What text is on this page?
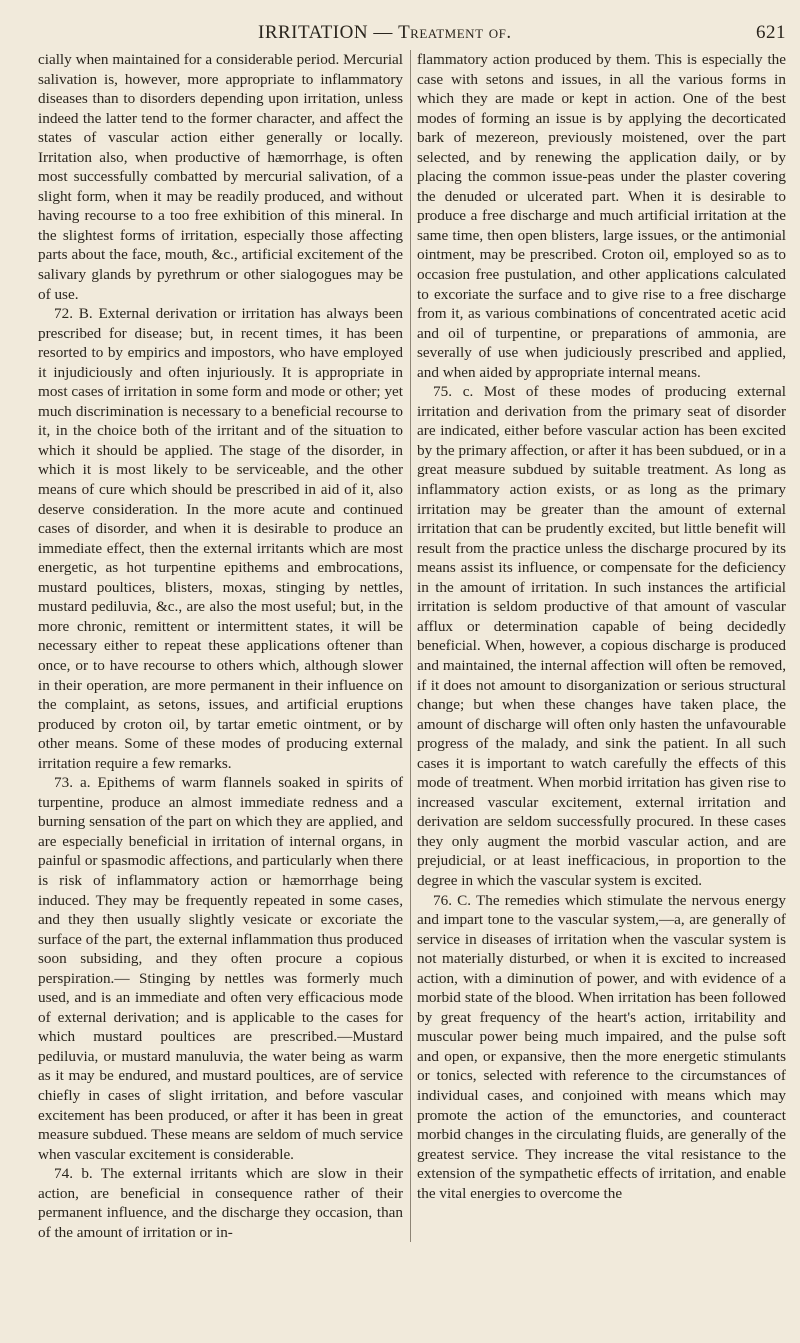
IRRITATION — Treatment of.	621

cially when maintained for a considerable period. Mercurial salivation is, however, more appropriate to inflammatory diseases than to disorders depending upon irritation, unless indeed the latter tend to the former character, and affect the states of vascular action either generally or locally. Irritation also, when productive of hæmorrhage, is often most successfully combatted by mercurial salivation, of a slight form, when it may be readily produced, and without having recourse to a too free exhibition of this mineral. In the slightest forms of irritation, especially those affecting parts about the face, mouth, &c., artificial excitement of the salivary glands by pyrethrum or other sialogogues may be of use.

72. B. External derivation or irritation has always been prescribed for disease; but, in recent times, it has been resorted to by empirics and impostors, who have employed it injudiciously and often injuriously. It is appropriate in most cases of irritation in some form and mode or other; yet much discrimination is necessary to a beneficial recourse to it, in the choice both of the irritant and of the situation to which it should be applied. The stage of the disorder, in which it is most likely to be serviceable, and the other means of cure which should be prescribed in aid of it, also deserve consideration. In the more acute and continued cases of disorder, and when it is desirable to produce an immediate effect, then the external irritants which are most energetic, as hot turpentine epithems and embrocations, mustard poultices, blisters, moxas, stinging by nettles, mustard pediluvia, &c., are also the most useful; but, in the more chronic, remittent or intermittent states, it will be necessary either to repeat these applications oftener than once, or to have recourse to others which, although slower in their operation, are more permanent in their influence on the complaint, as setons, issues, and artificial eruptions produced by croton oil, by tartar emetic ointment, or by other means. Some of these modes of producing external irritation require a few remarks.

73. a. Epithems of warm flannels soaked in spirits of turpentine, produce an almost immediate redness and a burning sensation of the part on which they are applied, and are especially beneficial in irritation of internal organs, in painful or spasmodic affections, and particularly when there is risk of inflammatory action or hæmorrhage being induced. They may be frequently repeated in some cases, and they then usually slightly vesicate or excoriate the surface of the part, the external inflammation thus produced soon subsiding, and they often procure a copious perspiration.— Stinging by nettles was formerly much used, and is an immediate and often very efficacious mode of external derivation; and is applicable to the cases for which mustard poultices are prescribed.—Mustard pediluvia, or mustard manuluvia, the water being as warm as it may be endured, and mustard poultices, are of service chiefly in cases of slight irritation, and before vascular excitement has been produced, or after it has been in great measure subdued. These means are seldom of much service when vascular excitement is considerable.

74. b. The external irritants which are slow in their action, are beneficial in consequence rather of their permanent influence, and the discharge they occasion, than of the amount of irritation or in-

flammatory action produced by them. This is especially the case with setons and issues, in all the various forms in which they are made or kept in action. One of the best modes of forming an issue is by applying the decorticated bark of mezereon, previously moistened, over the part selected, and by renewing the application daily, or by placing the common issue-peas under the plaster covering the denuded or ulcerated part. When it is desirable to produce a free discharge and much artificial irritation at the same time, then open blisters, large issues, or the antimonial ointment, may be prescribed. Croton oil, employed so as to occasion free pustulation, and other applications calculated to excoriate the surface and to give rise to a free discharge from it, as various combinations of concentrated acetic acid and oil of turpentine, or preparations of ammonia, are severally of use when judiciously prescribed and applied, and when aided by appropriate internal means.

75. c. Most of these modes of producing external irritation and derivation from the primary seat of disorder are indicated, either before vascular action has been excited by the primary affection, or after it has been subdued, or in a great measure subdued by suitable treatment. As long as inflammatory action exists, or as long as the primary irritation may be greater than the amount of external irritation that can be prudently excited, but little benefit will result from the practice unless the discharge procured by its means assist its influence, or compensate for the deficiency in the amount of irritation. In such instances the artificial irritation is seldom productive of that amount of vascular afflux or determination capable of being decidedly beneficial. When, however, a copious discharge is produced and maintained, the internal affection will often be removed, if it does not amount to disorganization or serious structural change; but when these changes have taken place, the amount of discharge will often only hasten the unfavourable progress of the malady, and sink the patient. In all such cases it is important to watch carefully the effects of this mode of treatment. When morbid irritation has given rise to increased vascular excitement, external irritation and derivation are seldom successfully procured. In these cases they only augment the morbid vascular action, and are prejudicial, or at least inefficacious, in proportion to the degree in which the vascular system is excited.

76. C. The remedies which stimulate the nervous energy and impart tone to the vascular system,—a, are generally of service in diseases of irritation when the vascular system is not materially disturbed, or when it is excited to increased action, with a diminution of power, and with evidence of a morbid state of the blood. When irritation has been followed by great frequency of the heart's action, irritability and muscular power being much impaired, and the pulse soft and open, or expansive, then the more energetic stimulants or tonics, selected with reference to the circumstances of individual cases, and conjoined with means which may promote the action of the emunctories, and counteract morbid changes in the circulating fluids, are generally of the greatest service. They increase the vital resistance to the extension of the sympathetic effects of irritation, and enable the vital energies to overcome the
